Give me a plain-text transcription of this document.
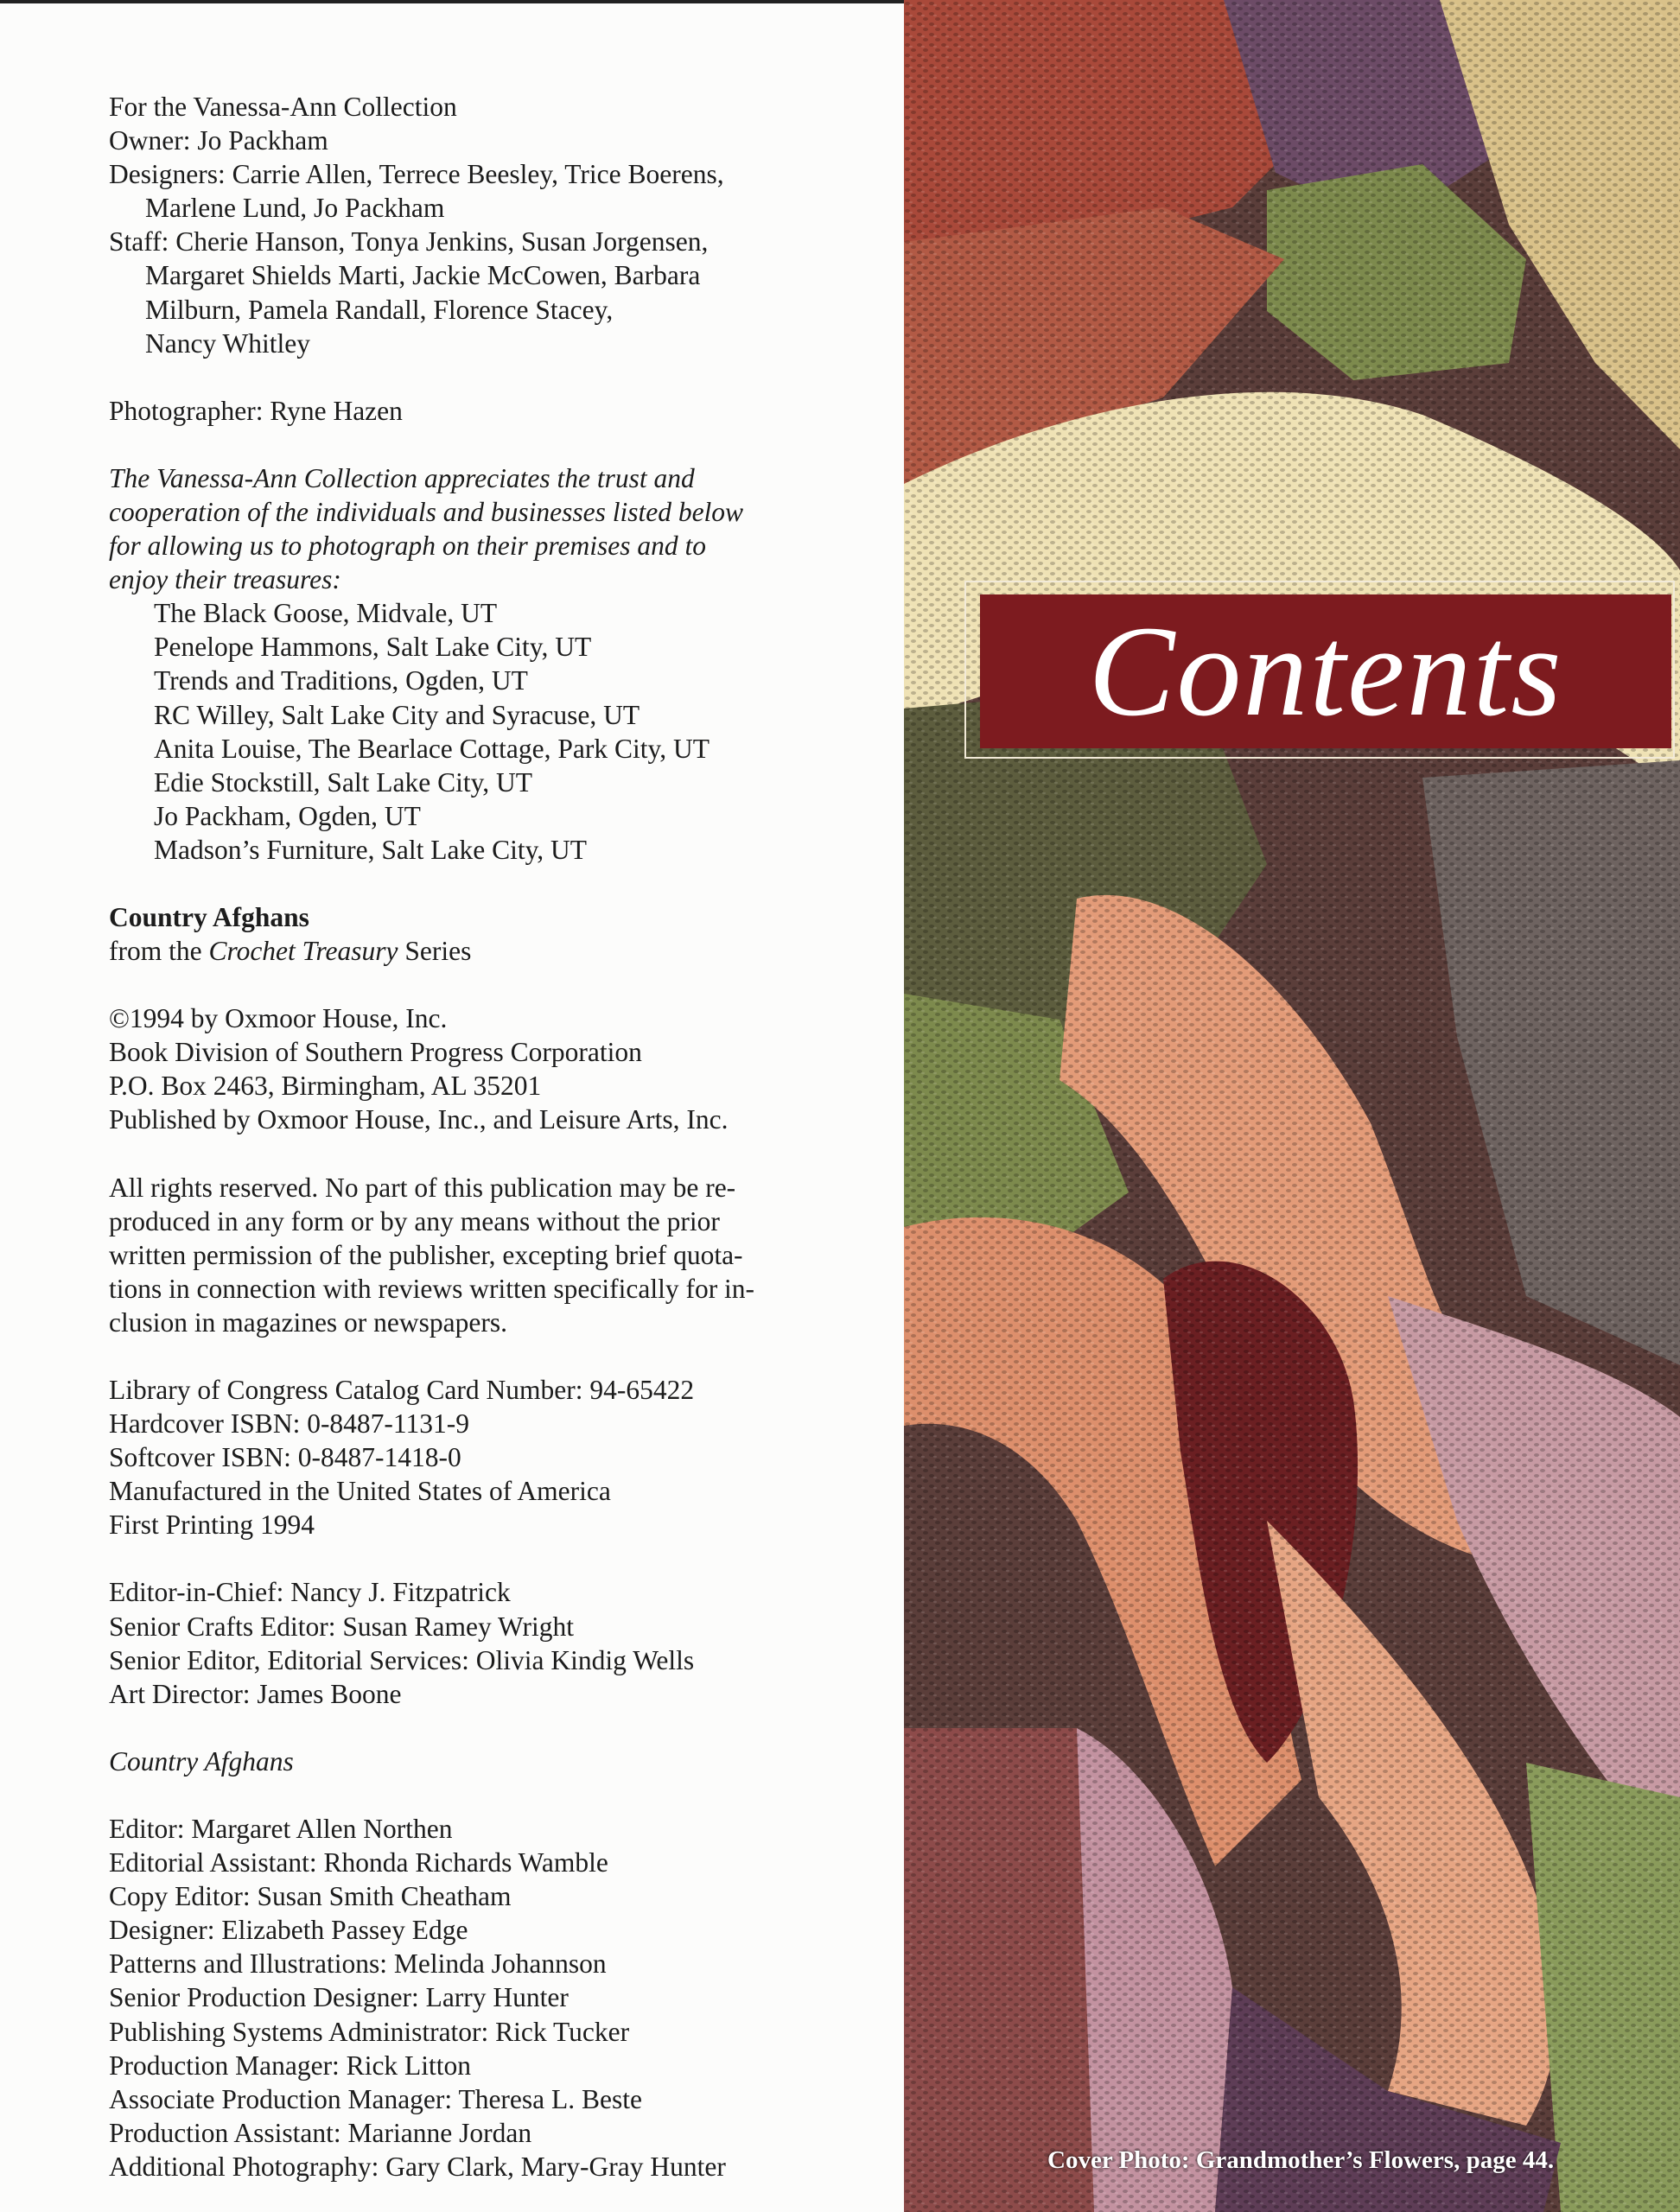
For the Vanessa-Ann Collection

Owner: Jo Packham

Designers: Carrie Allen, Terrece Beesley, Trice Boerens,

Marlene Lund, Jo Packham

Staff: Cherie Hanson, Tonya Jenkins, Susan Jorgensen,

Margaret Shields Marti, Jackie McCowen, Barbara

Milburn, Pamela Randall, Florence Stacey,

Nancy Whitley

Photographer: Ryne Hazen

The Vanessa-Ann Collection appreciates the trust and

cooperation of the individuals and businesses listed below

for allowing us to photograph on their premises and to

enjoy their treasures:

The Black Goose, Midvale, UT

Penelope Hammons, Salt Lake City, UT

Trends and Traditions, Ogden, UT

RC Willey, Salt Lake City and Syracuse, UT

Anita Louise, The Bearlace Cottage, Park City, UT

Edie Stockstill, Salt Lake City, UT

Jo Packham, Ogden, UT

Madson’s Furniture, Salt Lake City, UT

Country Afghans

from the Crochet Treasury Series

©1994 by Oxmoor House, Inc.

Book Division of Southern Progress Corporation

P.O. Box 2463, Birmingham, AL 35201

Published by Oxmoor House, Inc., and Leisure Arts, Inc.

All rights reserved. No part of this publication may be re-

produced in any form or by any means without the prior

written permission of the publisher, excepting brief quota-

tions in connection with reviews written specifically for in-

clusion in magazines or newspapers.

Library of Congress Catalog Card Number: 94-65422

Hardcover ISBN: 0-8487-1131-9

Softcover ISBN: 0-8487-1418-0

Manufactured in the United States of America

First Printing 1994

Editor-in-Chief: Nancy J. Fitzpatrick

Senior Crafts Editor: Susan Ramey Wright

Senior Editor, Editorial Services: Olivia Kindig Wells

Art Director: James Boone

Country Afghans

Editor: Margaret Allen Northen

Editorial Assistant: Rhonda Richards Wamble

Copy Editor: Susan Smith Cheatham

Designer: Elizabeth Passey Edge

Patterns and Illustrations: Melinda Johannson

Senior Production Designer: Larry Hunter

Publishing Systems Administrator: Rick Tucker

Production Manager: Rick Litton

Associate Production Manager: Theresa L. Beste

Production Assistant: Marianne Jordan

Additional Photography: Gary Clark, Mary-Gray Hunter

Contents
Cover Photo: Grandmother’s Flowers, page 44.
